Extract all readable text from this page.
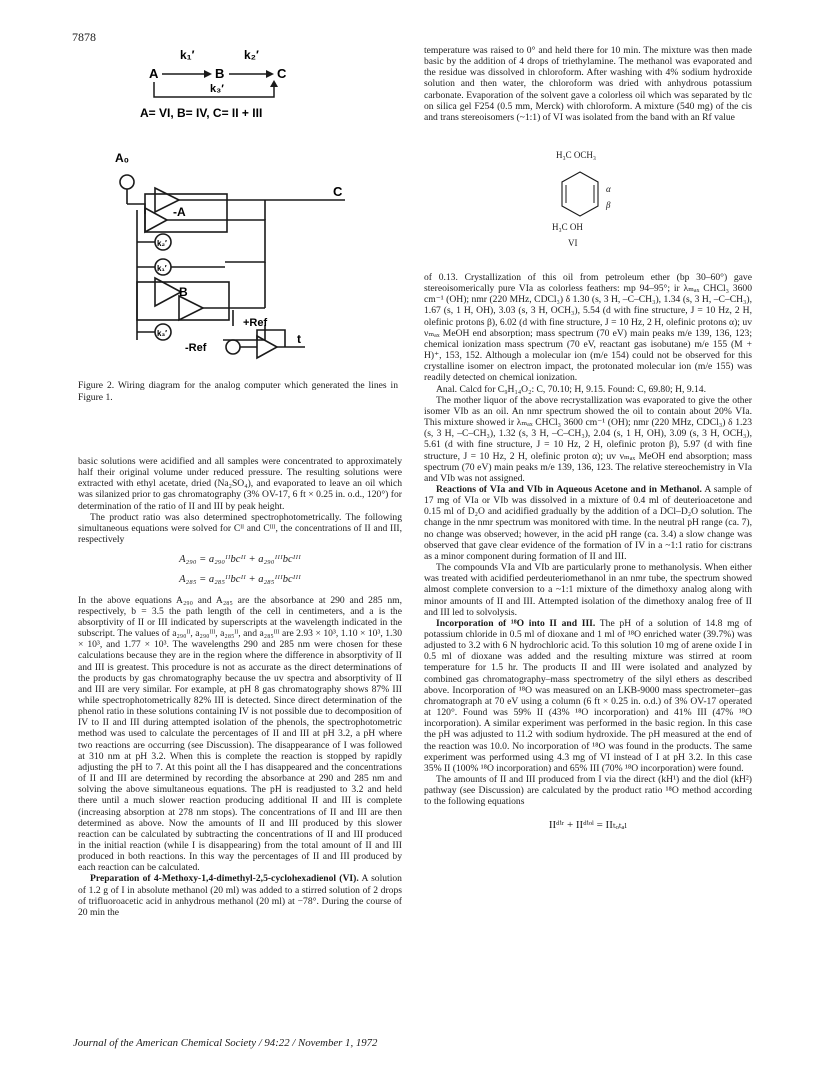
7878
k₁′	k₂′
A	B	C
k₃′
A= VI, B= IV, C= II + III
A₀
-A
C
k₂′
k₁′
B
k₃′
+Ref
-Ref
t
Figure 2. Wiring diagram for the analog computer which generated the lines in Figure 1.

basic solutions were acidified and all samples were concentrated to approximately half their original volume under reduced pressure. The resulting solutions were extracted with ethyl acetate, dried (Na₂SO₄), and evaporated to leave an oil which was silanized prior to gas chromatography (3% OV-17, 6 ft × 0.25 in. o.d., 120°) for determination of the ratio of II and III by peak height.

The product ratio was also determined spectrophotometrically. The following simultaneous equations were solved for Cᴵᴵ and Cᴵᴵᴵ, the concentrations of II and III, respectively

A₂₉₀ = a₂₉₀ᴵᴵbcᴵᴵ + a₂₉₀ᴵᴵᴵbcᴵᴵᴵ
A₂₈₅ = a₂₈₅ᴵᴵbcᴵᴵ + a₂₈₅ᴵᴵᴵbcᴵᴵᴵ

In the above equations A₂₉₀ and A₂₈₅ are the absorbance at 290 and 285 nm, respectively, b = 3.5 the path length of the cell in centimeters, and a is the absorptivity of II or III indicated by superscripts at the wavelength indicated in the subscript. The values of a₂₉₀ᴵᴵ, a₂₉₀ᴵᴵᴵ, a₂₈₅ᴵᴵ, and a₂₈₅ᴵᴵᴵ are 2.93 × 10³, 1.10 × 10³, 1.30 × 10³, and 1.77 × 10³. The wavelengths 290 and 285 nm were chosen for these calculations because they are in the region where the difference in absorptivity of II and III is greatest. This procedure is not as accurate as the direct determinations of the products by gas chromatography because the uv spectra and absorptivity of II and III are very similar. For example, at pH 8 gas chromatography shows 87% III while spectrophotometrically 82% III is detected. Since direct determination of the phenol ratio in these solutions containing IV is not possible due to decomposition of IV to II and III during attempted isolation of the phenols, the spectrophotometric method was used to calculate the percentages of II and III at pH 3.2, a pH where two reactions are occurring (see Discussion). The disappearance of I was followed at 310 nm at pH 3.2. When this is complete the reaction is stopped by rapidly adjusting the pH to 7. At this point all the I has disappeared and the concentrations of II and III are determined by recording the absorbance at 290 and 285 nm and solving the above simultaneous equations. The pH is readjusted to 3.2 and held there until a much slower reaction producing additional II and III is complete (increasing absorption at 278 nm stops). The concentrations of II and III are then determined as above. Now the amounts of II and III produced by this slower reaction can be calculated by subtracting the concentrations of II and III produced in the initial reaction (while I is disappearing) from the total amount of II and III produced in both reactions. In this way the percentages of II and III produced by each reaction can be calculated.

Preparation of 4-Methoxy-1,4-dimethyl-2,5-cyclohexadienol (VI). A solution of 1.2 g of I in absolute methanol (20 ml) was added to a stirred solution of 2 drops of trifluoroacetic acid in anhydrous methanol (20 ml) at −78°. During the course of 20 min the

temperature was raised to 0° and held there for 10 min. The mixture was then made basic by the addition of 4 drops of triethylamine. The methanol was evaporated and the residue was dissolved in chloroform. After washing with 4% sodium hydroxide solution and then water, the chloroform was dried with anhydrous potassium carbonate. Evaporation of the solvent gave a colorless oil which was separated by tlc on silica gel F254 (0.5 mm, Merck) with chloroform. A mixture (540 mg) of the cis and trans stereoisomers (~1:1) of VI was isolated from the band with an Rf value

H₃C OCH₃
α
β
H₃C OH
VI

of 0.13. Crystallization of this oil from petroleum ether (bp 30–60°) gave stereoisomerically pure VIa as colorless feathers: mp 94–95°; ir λₘₐₓ CHCl₃ 3600 cm⁻¹ (OH); nmr (220 MHz, CDCl₃) δ 1.30 (s, 3 H, –C–CH₃), 1.34 (s, 3 H, –C–CH₃), 1.67 (s, 1 H, OH), 3.03 (s, 3 H, OCH₃), 5.54 (d with fine structure, J = 10 Hz, 2 H, olefinic protons β), 6.02 (d with fine structure, J = 10 Hz, 2 H, olefinic protons α); uv νₘₐₓ MeOH end absorption; mass spectrum (70 eV) main peaks m/e 139, 136, 123; chemical ionization mass spectrum (70 eV, reactant gas isobutane) m/e 155 (M + H)⁺, 153, 152. Although a molecular ion (m/e 154) could not be observed for this crystalline isomer on electron impact, the protonated molecular ion (m/e 155) was readily detected on chemical ionization.

Anal. Calcd for C₉H₁₄O₂: C, 70.10; H, 9.15. Found: C, 69.80; H, 9.14.

The mother liquor of the above recrystallization was evaporated to give the other isomer VIb as an oil. An nmr spectrum showed the oil to contain about 20% VIa. This mixture showed ir λₘₐₓ CHCl₃ 3600 cm⁻¹ (OH); nmr (220 MHz, CDCl₃) δ 1.23 (s, 3 H, –C–CH₃), 1.32 (s, 3 H, –C–CH₃), 2.04 (s, 1 H, OH), 3.09 (s, 3 H, OCH₃), 5.61 (d with fine structure, J = 10 Hz, 2 H, olefinic proton β), 5.97 (d with fine structure, J = 10 Hz, 2 H, olefinic proton α); uv νₘₐₓ MeOH end absorption; mass spectrum (70 eV) main peaks m/e 139, 136, 123. The relative stereochemistry in VIa and VIb was not assigned.

Reactions of VIa and VIb in Aqueous Acetone and in Methanol. A sample of 17 mg of VIa or VIb was dissolved in a mixture of 0.4 ml of deuterioacetone and 0.15 ml of D₂O and acidified gradually by the addition of a DCl–D₂O solution. The change in the nmr spectrum was monitored with time. In the neutral pH range (ca. 7), no change was observed; however, in the acid pH range (ca. 3.4) a slow change was observed that gave clear evidence of the formation of IV in a ~1:1 ratio for cis:trans as a minor component during formation of II and III.

The compounds VIa and VIb are particularly prone to methanolysis. When either was treated with acidified perdeuteriomethanol in an nmr tube, the spectrum showed almost complete conversion to a ~1:1 mixture of the dimethoxy analog along with minor amounts of II and III. Attempted isolation of the dimethoxy analog free of II and III led to solvolysis.

Incorporation of ¹⁸O into II and III. The pH of a solution of 14.8 mg of potassium chloride in 0.5 ml of dioxane and 1 ml of ¹⁸O enriched water (39.7%) was adjusted to 3.2 with 6 N hydrochloric acid. To this solution 10 mg of arene oxide I in 0.5 ml of dioxane was added and the resulting mixture was stirred at room temperature for 1.5 hr. The products II and III were isolated and analyzed by combined gas chromatography–mass spectrometry of the silyl ethers as described above. Incorporation of ¹⁸O was measured on an LKB-9000 mass spectrometer–gas chromatograph at 70 eV using a column (6 ft × 0.25 in. o.d.) of 3% OV-17 operated at 120°. Found was 59% II (43% ¹⁸O incorporation) and 41% III (47% ¹⁸O incorporation). A similar experiment was performed in the basic region. In this case the pH was adjusted to 11.2 with sodium hydroxide. The pH measured at the end of the reaction was 10.0. No incorporation of ¹⁸O was found in the products. The same experiment was performed using 4.3 mg of VI instead of I at pH 3.2. In this case 35% II (100% ¹⁸O incorporation) and 65% III (70% ¹⁸O incorporation) were found.

The amounts of II and III produced from I via the direct (kH¹) and the diol (kH²) pathway (see Discussion) are calculated by the product ratio ¹⁸O method according to the following equations

IIᵈⁱʳ + IIᵈⁱᵒˡ = IIₜₒₜₐₗ
Journal of the American Chemical Society / 94:22 / November 1, 1972
